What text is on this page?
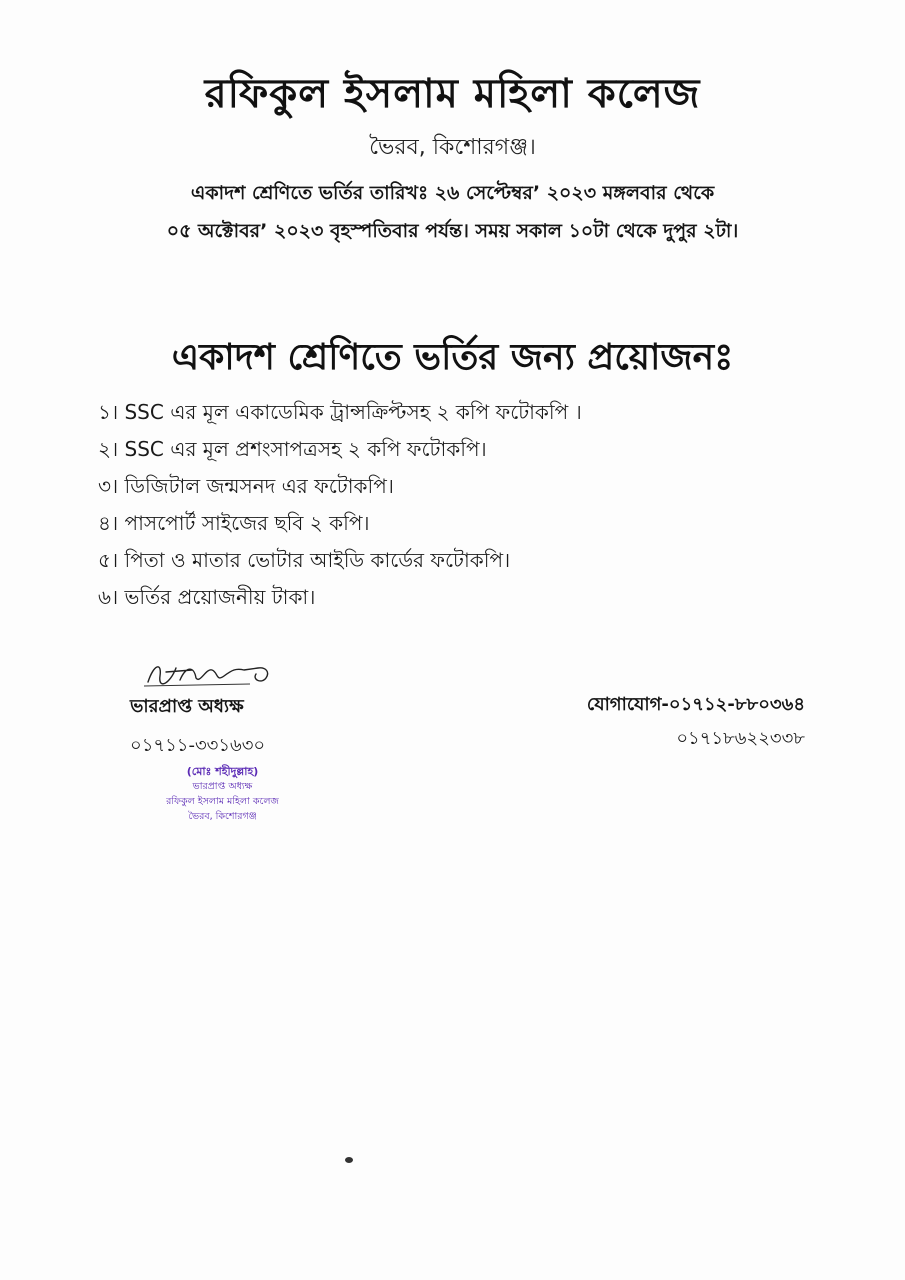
রফিকুল ইসলাম মহিলা কলেজ
ভৈরব, কিশোরগঞ্জ।
একাদশ শ্রেণিতে ভর্তির তারিখঃ ২৬ সেপ্টেম্বর’ ২০২৩ মঙ্গলবার থেকে
০৫ অক্টোবর’ ২০২৩ বৃহস্পতিবার পর্যন্ত। সময় সকাল ১০টা থেকে দুপুর ২টা।
একাদশ শ্রেণিতে ভর্তির জন্য প্রয়োজনঃ
১। SSC এর মূল একাডেমিক ট্রান্সক্রিপ্টসহ ২ কপি ফটোকপি ।
২। SSC এর মূল প্রশংসাপত্রসহ ২ কপি ফটোকপি।
৩। ডিজিটাল জন্মসনদ এর ফটোকপি।
৪। পাসপোর্ট সাইজের ছবি ২ কপি।
৫। পিতা ও মাতার ভোটার আইডি কার্ডের ফটোকপি।
৬। ভর্তির প্রয়োজনীয় টাকা।
ভারপ্রাপ্ত অধ্যক্ষ
০১৭১১-৩৩১৬৩০
(মোঃ শহীদুল্লাহ)
ভারপ্রাপ্ত অধ্যক্ষ
রফিকুল ইসলাম মহিলা কলেজ
ভৈরব, কিশোরগঞ্জ
যোগাযোগ-০১৭১২-৮৮০৩৬৪
০১৭১৮৬২২৩৩৮
